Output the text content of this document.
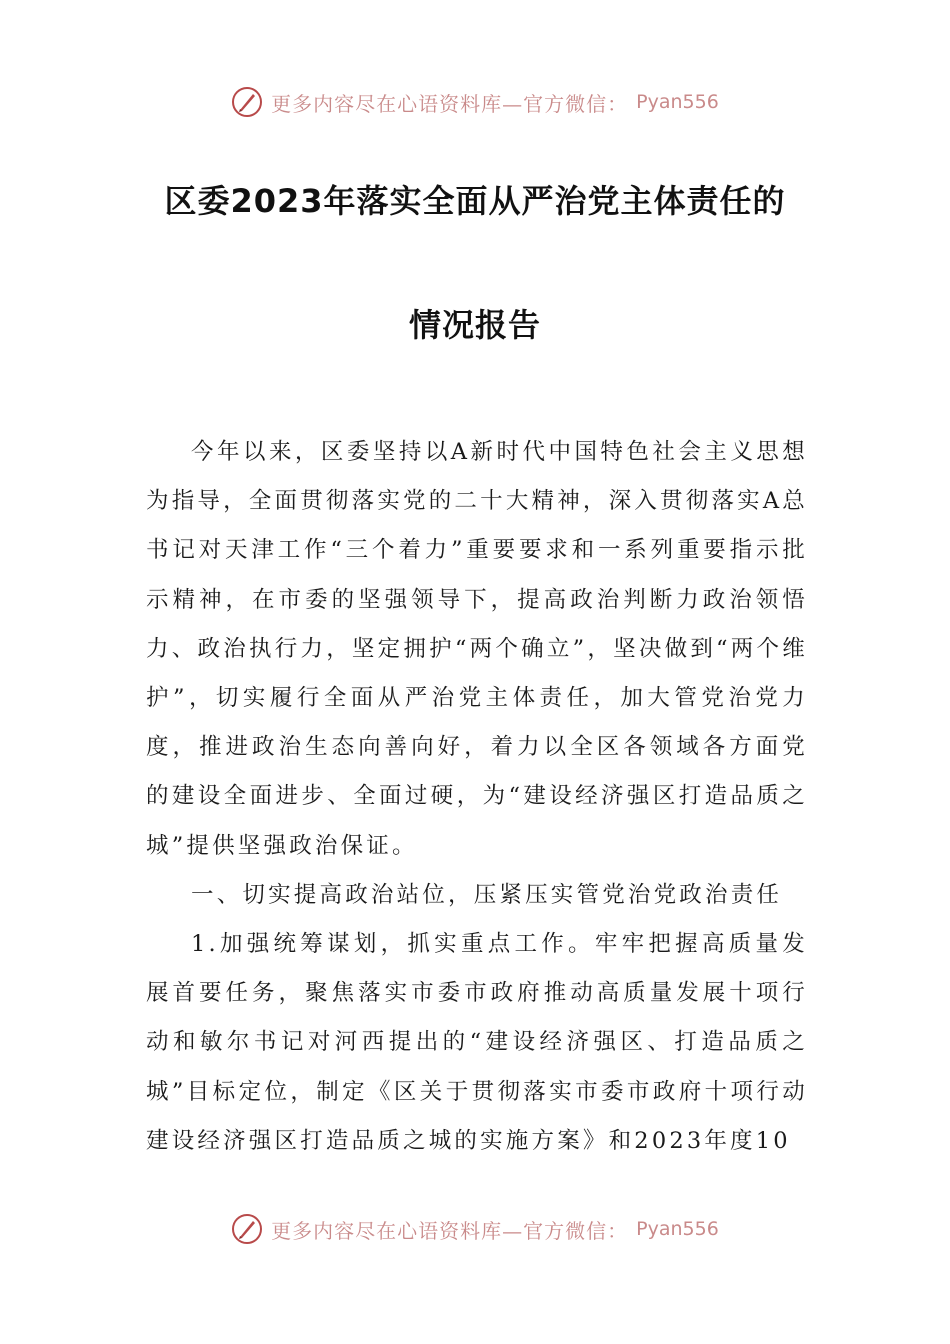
更多内容尽在心语资料库—官方微信： Pyan556
区委2023年落实全面从严治党主体责任的
情况报告

今年以来，区委坚持以A新时代中国特色社会主义思想为指导，全面贯彻落实党的二十大精神，深入贯彻落实A总书记对天津工作“三个着力”重要要求和一系列重要指示批示精神，在市委的坚强领导下，提高政治判断力政治领悟力、政治执行力，坚定拥护“两个确立”，坚决做到“两个维护”，切实履行全面从严治党主体责任，加大管党治党力度，推进政治生态向善向好，着力以全区各领域各方面党的建设全面进步、全面过硬，为“建设经济强区打造品质之城”提供坚强政治保证。

一、切实提高政治站位，压紧压实管党治党政治责任

1.加强统筹谋划，抓实重点工作。牢牢把握高质量发展首要任务，聚焦落实市委市政府推动高质量发展十项行动和敏尔书记对河西提出的“建设经济强区、打造品质之城”目标定位，制定《区关于贯彻落实市委市政府十项行动建设经济强区打造品质之城的实施方案》和2023年度10

更多内容尽在心语资料库—官方微信： Pyan556
